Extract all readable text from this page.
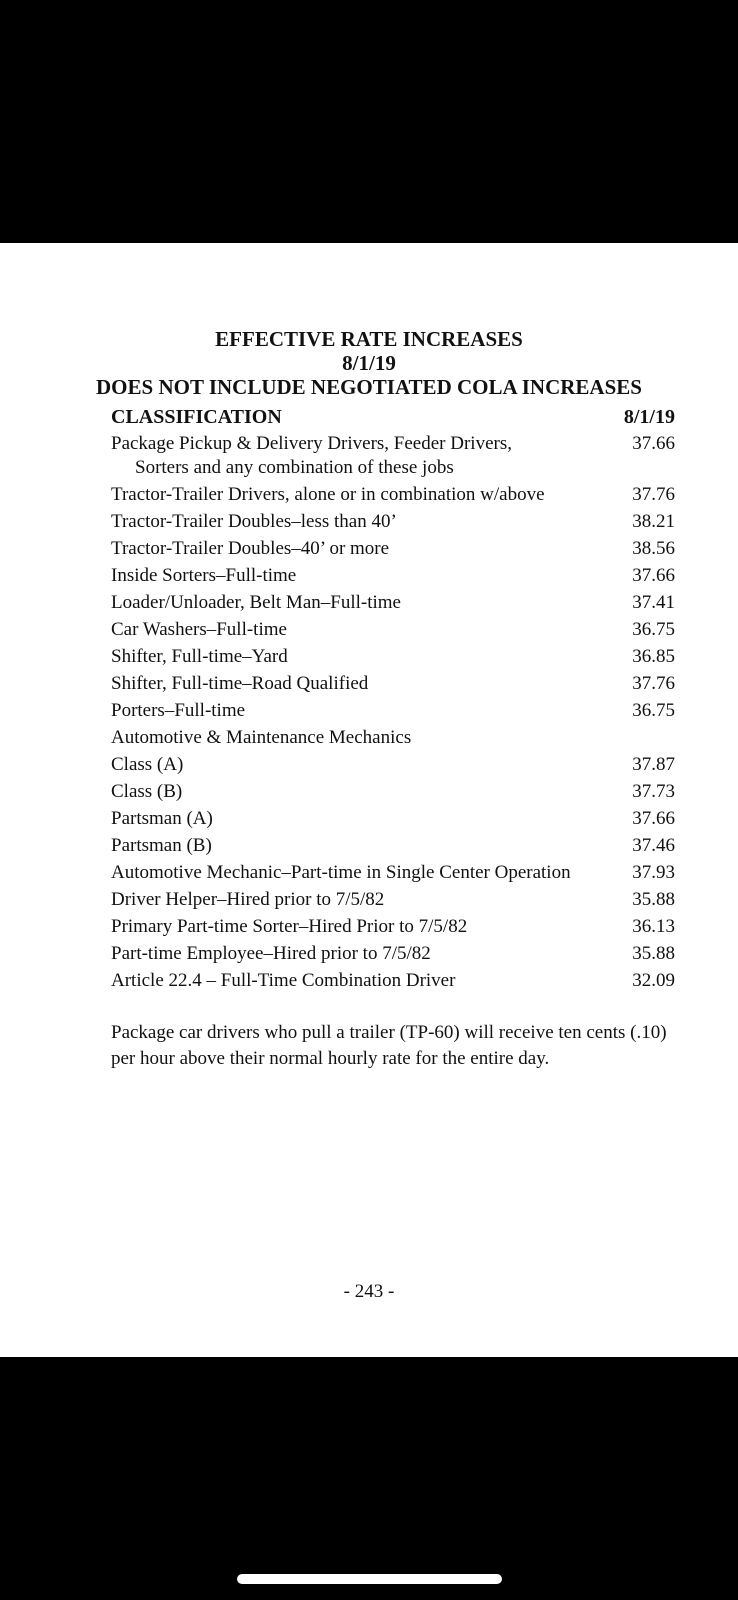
EFFECTIVE RATE INCREASES
8/1/19
DOES NOT INCLUDE NEGOTIATED COLA INCREASES
CLASSIFICATION	8/1/19
Package Pickup & Delivery Drivers, Feeder Drivers,
Sorters and any combination of these jobs
37.66
Tractor-Trailer Drivers, alone or in combination w/above	37.76
Tractor-Trailer Doubles–less than 40’	38.21
Tractor-Trailer Doubles–40’ or more	38.56
Inside Sorters–Full-time	37.66
Loader/Unloader, Belt Man–Full-time	37.41
Car Washers–Full-time	36.75
Shifter, Full-time–Yard	36.85
Shifter, Full-time–Road Qualified	37.76
Porters–Full-time	36.75
Automotive & Maintenance Mechanics
Class (A)	37.87
Class (B)	37.73
Partsman (A)	37.66
Partsman (B)	37.46
Automotive Mechanic–Part-time in Single Center Operation	37.93
Driver Helper–Hired prior to 7/5/82	35.88
Primary Part-time Sorter–Hired Prior to 7/5/82	36.13
Part-time Employee–Hired prior to 7/5/82	35.88
Article 22.4 – Full-Time Combination Driver	32.09
Package car drivers who pull a trailer (TP-60) will receive ten cents (.10) per hour above their normal hourly rate for the entire day.
- 243 -
